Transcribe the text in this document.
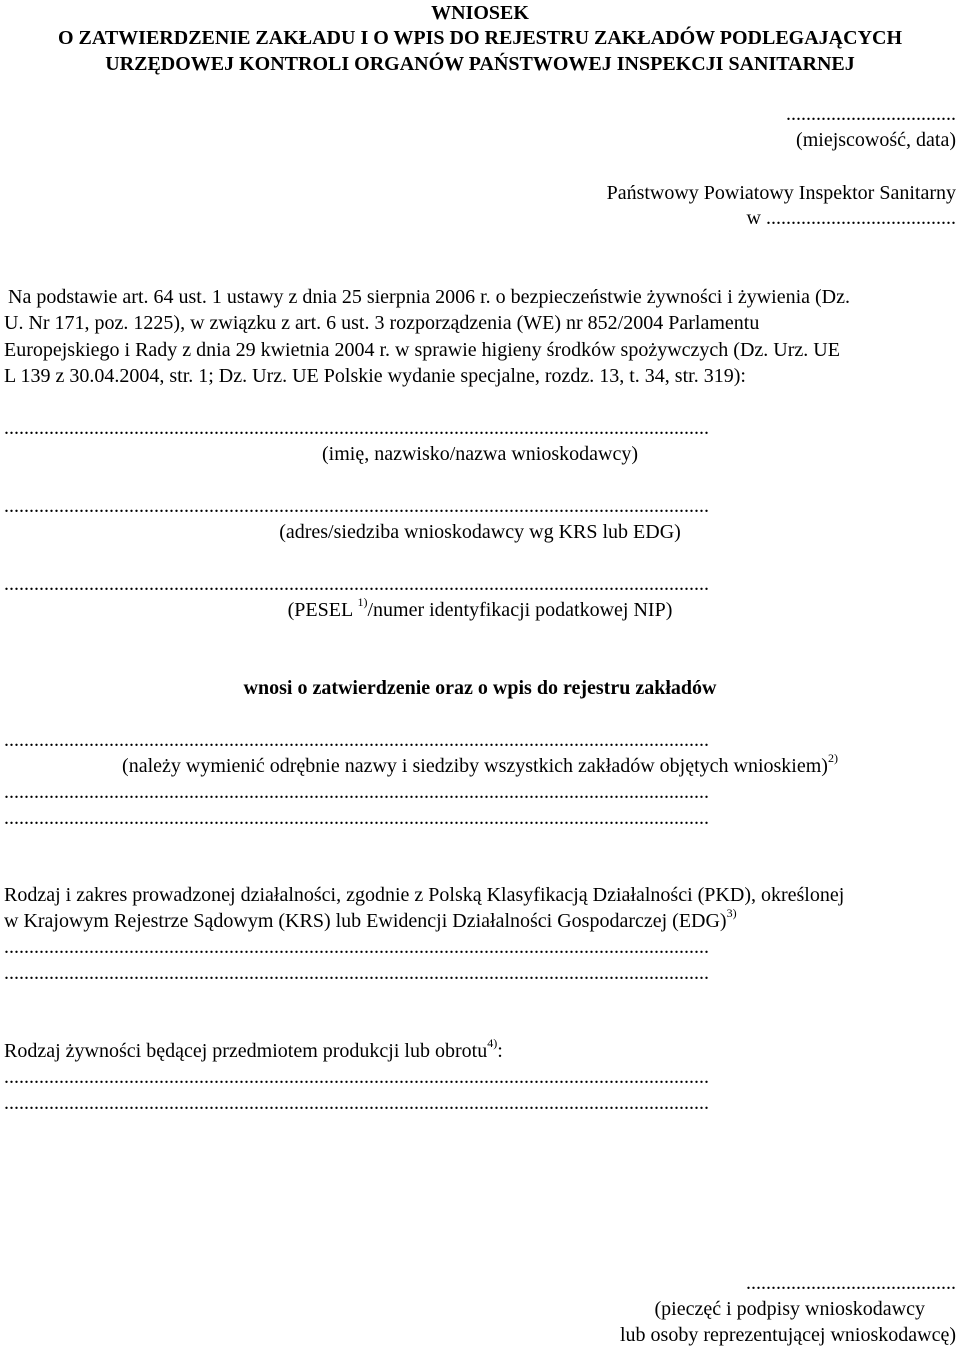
WNIOSEK
O ZATWIERDZENIE ZAKŁADU I O WPIS DO REJESTRU ZAKŁADÓW PODLEGAJĄCYCH
URZĘDOWEJ KONTROLI ORGANÓW PAŃSTWOWEJ INSPEKCJI SANITARNEJ
..................................
(miejscowość, data)
Państwowy Powiatowy Inspektor Sanitarny
w ......................................
Na podstawie art. 64 ust. 1 ustawy z dnia 25 sierpnia 2006 r. o bezpieczeństwie żywności i żywienia (Dz.
U. Nr 171, poz. 1225), w związku z art. 6 ust. 3 rozporządzenia (WE) nr 852/2004 Parlamentu
Europejskiego i Rady z dnia 29 kwietnia 2004 r. w sprawie higieny środków spożywczych (Dz. Urz. UE
L 139 z 30.04.2004, str. 1; Dz. Urz. UE Polskie wydanie specjalne, rozdz. 13, t. 34, str. 319):
.............................................................................................................................................
(imię, nazwisko/nazwa wnioskodawcy)
.............................................................................................................................................
(adres/siedziba wnioskodawcy wg KRS lub EDG)
.............................................................................................................................................
(PESEL $^{1)}$/numer identyfikacji podatkowej NIP)
wnosi o zatwierdzenie oraz o wpis do rejestru zakładów
.............................................................................................................................................
(należy wymienić odrębnie nazwy i siedziby wszystkich zakładów objętych wnioskiem)$^{2)}$
.............................................................................................................................................
.............................................................................................................................................
Rodzaj i zakres prowadzonej działalności, zgodnie z Polską Klasyfikacją Działalności (PKD), określonej
w Krajowym Rejestrze Sądowym (KRS) lub Ewidencji Działalności Gospodarczej (EDG)$^{3)}$
.............................................................................................................................................
.............................................................................................................................................
Rodzaj żywności będącej przedmiotem produkcji lub obrotu$^{4)}$:
.............................................................................................................................................
.............................................................................................................................................
..........................................
(pieczęć i podpisy wnioskodawcy
lub osoby reprezentującej wnioskodawcę)
